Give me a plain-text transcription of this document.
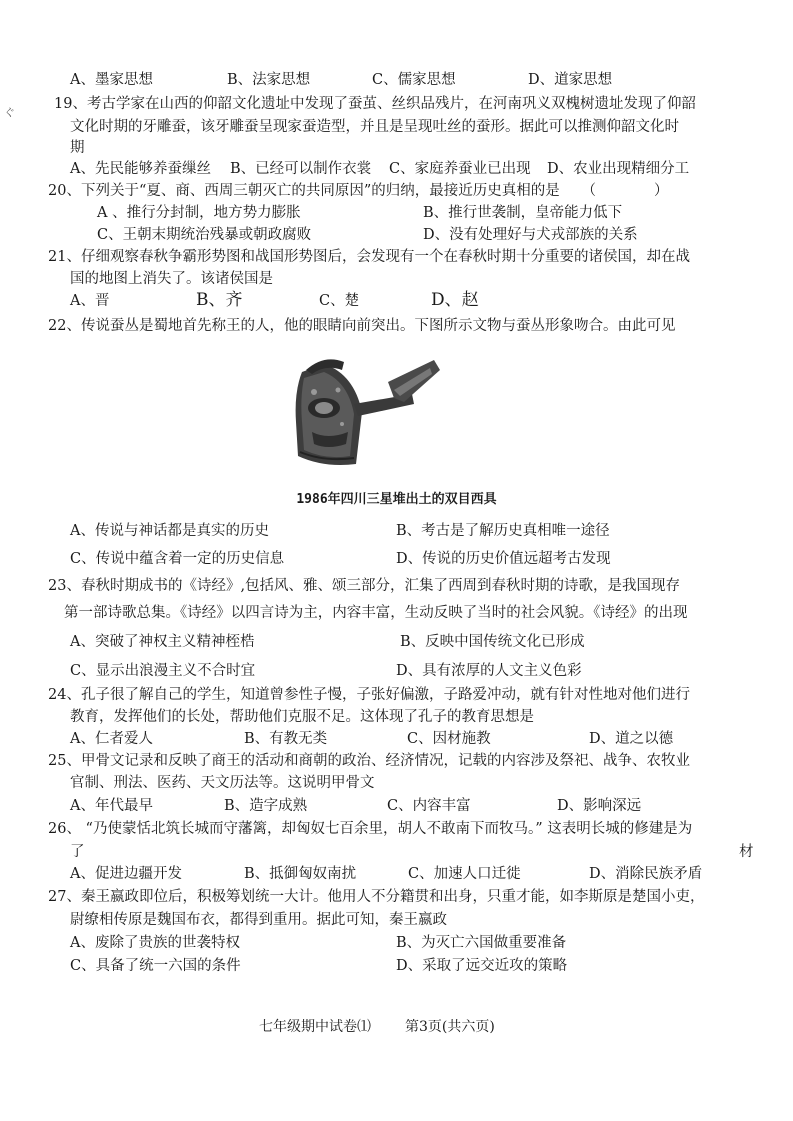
ぐ
A、墨家思想	B、法家思想	C、儒家思想	D、道家思想
19、考古学家在山西的仰韶文化遗址中发现了蚕茧、丝织品残片，在河南巩义双槐树遗址发现了仰韶
文化时期的牙雕蚕，该牙雕蚕呈现家蚕造型，并且是呈现吐丝的蚕形。据此可以推测仰韶文化时
期
A、先民能够养蚕缫丝 B、已经可以制作衣裳 C、家庭养蚕业已出现 D、农业出现精细分工
20、下列关于“夏、商、西周三朝灭亡的共同原因”的归纳，最接近历史真相的是　　（　　　　）
A 、推行分封制，地方势力膨胀	B、推行世袭制，皇帝能力低下
C、王朝末期统治残暴或朝政腐败	D、没有处理好与犬戎部族的关系
21、仔细观察春秋争霸形势图和战国形势图后，会发现有一个在春秋时期十分重要的诸侯国，却在战
国的地图上消失了。该诸侯国是
A、晋	B、齐	C、楚	D、赵
22、传说蚕丛是蜀地首先称王的人，他的眼睛向前突出。下图所示文物与蚕丛形象吻合。由此可见
1986年四川三星堆出土的双目西具
A、传说与神话都是真实的历史	B、考古是了解历史真相唯一途径
C、传说中蕴含着一定的历史信息	D、传说的历史价值远超考古发现
23、春秋时期成书的《诗经》,包括风、雅、颂三部分，汇集了西周到春秋时期的诗歌，是我国现存
第一部诗歌总集。《诗经》以四言诗为主，内容丰富，生动反映了当时的社会风貌。《诗经》的出现
A、突破了神权主义精神桎梏	B、反映中国传统文化已形成
C、显示出浪漫主义不合时宜	D、具有浓厚的人文主义色彩
24、孔子很了解自己的学生，知道曾参性子慢，子张好偏激，子路爱冲动，就有针对性地对他们进行
教育，发挥他们的长处，帮助他们克服不足。这体现了孔子的教育思想是
A、仁者爱人	B、有教无类	C、因材施教	D、道之以德
25、甲骨文记录和反映了商王的活动和商朝的政治、经济情况，记载的内容涉及祭祀、战争、农牧业
官制、刑法、医药、天文历法等。这说明甲骨文
A、年代最早	B、造字成熟	C、内容丰富	D、影响深远
26、 “乃使蒙恬北筑长城而守藩篱，却匈奴七百余里，胡人不敢南下而牧马。” 这表明长城的修建是为
了	材
A、促进边疆开发	B、抵御匈奴南扰	C、加速人口迁徙	D、消除民族矛盾
27、秦王嬴政即位后，积极筹划统一大计。他用人不分籍贯和出身，只重才能，如李斯原是楚国小吏，
尉缭相传原是魏国布衣，都得到重用。据此可知，秦王嬴政
A、废除了贵族的世袭特权	B、为灭亡六国做重要准备
C、具备了统一六国的条件	D、采取了远交近攻的策略
七年级期中试卷⑴ 第3页(共六页)
